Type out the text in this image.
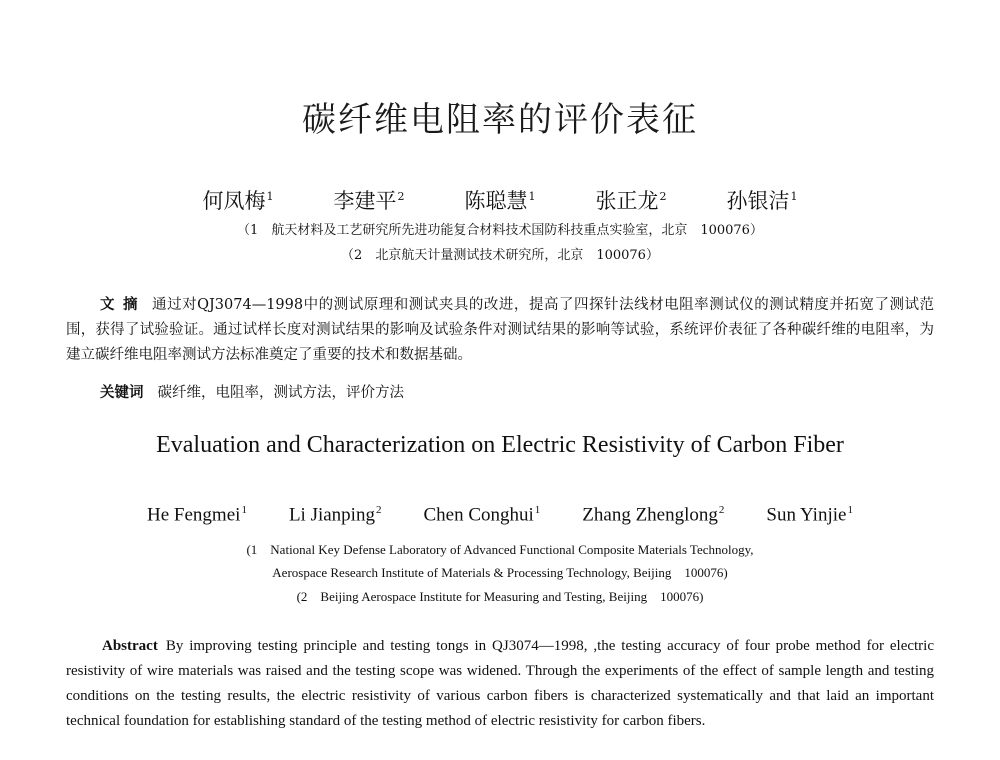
碳纤维电阻率的评价表征
何凤梅$^1$	李建平$^2$	陈聪慧$^1$	张正龙$^2$	孙银洁$^1$
（1　航天材料及工艺研究所先进功能复合材料技术国防科技重点实验室，北京　100076）
（2　北京航天计量测试技术研究所，北京　100076）
文摘 通过对QJ3074—1998中的测试原理和测试夹具的改进，提高了四探针法线材电阻率测试仪的测试精度并拓宽了测试范围，获得了试验验证。通过试样长度对测试结果的影响及试验条件对测试结果的影响等试验，系统评价表征了各种碳纤维的电阻率，为建立碳纤维电阻率测试方法标准奠定了重要的技术和数据基础。
关键词 碳纤维，电阻率，测试方法，评价方法
Evaluation and Characterization on Electric Resistivity of Carbon Fiber
He Fengmei$^1$ Li Jianping$^2$ Chen Conghui$^1$ Zhang Zhenglong$^2$ Sun Yinjie$^1$
(1　National Key Defense Laboratory of Advanced Functional Composite Materials Technology,
Aerospace Research Institute of Materials & Processing Technology, Beijing　100076)
(2　Beijing Aerospace Institute for Measuring and Testing, Beijing　100076)
Abstract By improving testing principle and testing tongs in QJ3074—1998, ,the testing accuracy of four probe method for electric resistivity of wire materials was raised and the testing scope was widened. Through the experiments of the effect of sample length and testing conditions on the testing results, the electric resistivity of various carbon fibers is characterized systematically and that laid an important technical foundation for establishing standard of the testing method of electric resistivity for carbon fibers.
